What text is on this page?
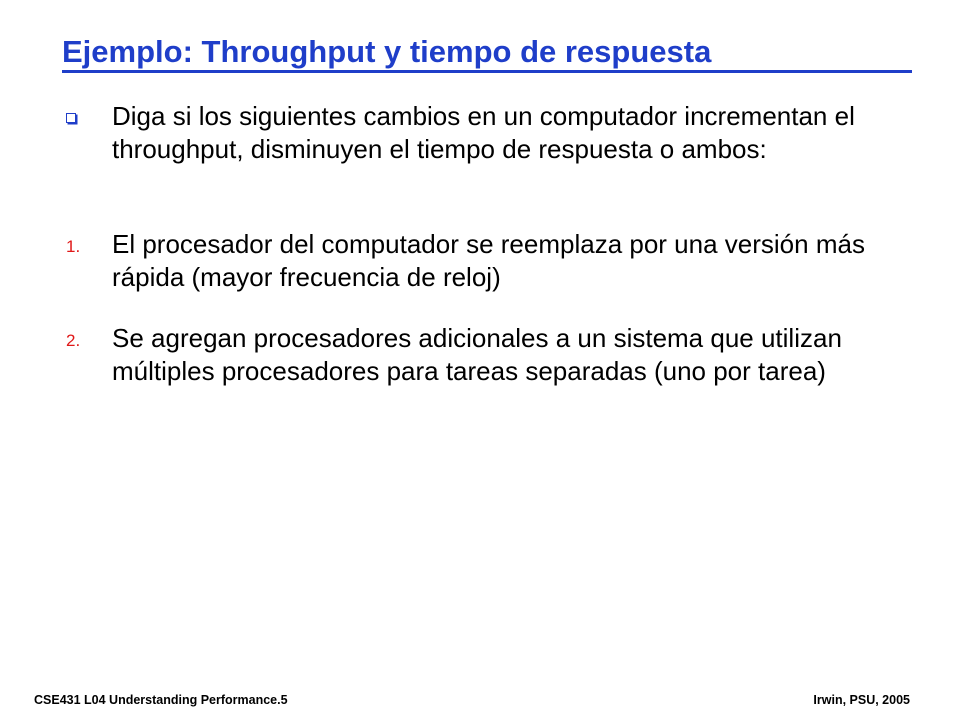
Ejemplo: Throughput y tiempo de respuesta
Diga si los siguientes cambios en un computador incrementan el throughput, disminuyen el tiempo de respuesta o ambos:
1.	El procesador del computador se reemplaza por una versión más rápida (mayor frecuencia de reloj)
2.	Se agregan procesadores adicionales a un sistema que utilizan múltiples procesadores para tareas separadas (uno por tarea)
CSE431 L04 Understanding Performance.5	Irwin, PSU, 2005
